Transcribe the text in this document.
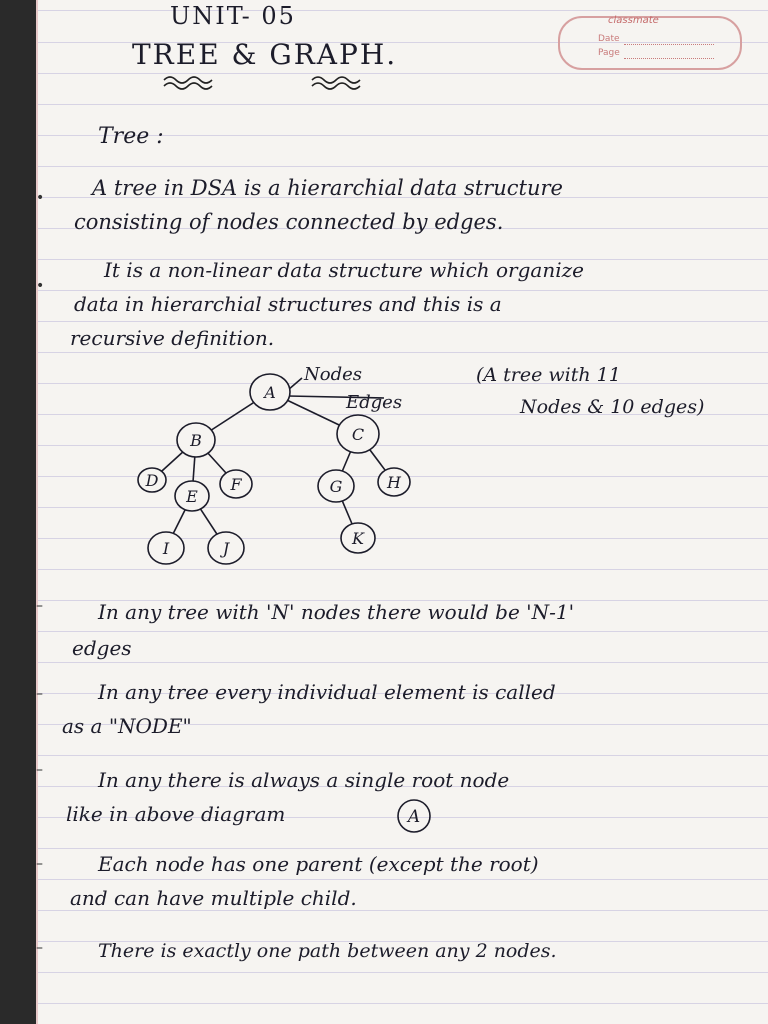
UNIT- 05
TREE & GRAPH.
classmate
Date
Page
Tree :
• A tree in DSA is a hierarchial data structure
consisting of nodes connected by edges.
•
It is a non-linear data structure which organize
data in hierarchial structures and this is a
recursive definition.
A
B	C
D
E
F	G	H
I	J
K
Nodes
Edges
(A tree with 11
Nodes & 10 edges)
–	In any tree with 'N' nodes there would be 'N-1'
edges
–	In any tree every individual element is called
as a "NODE"
–	In any there is always a single root node
like in above diagram	A
–	Each node has one parent (except the root)
and can have multiple child.
–	There is exactly one path between any 2 nodes.
